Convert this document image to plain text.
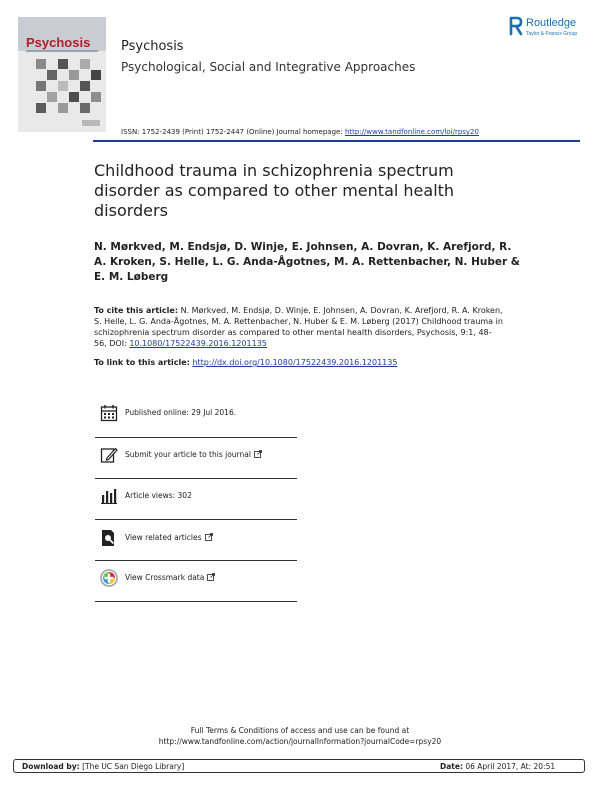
Psychosis Psychosis
Psychological, Social and Integrative Approaches
Routledge
Taylor & Francis Group
ISSN: 1752-2439 (Print) 1752-2447 (Online) Journal homepage: http://www.tandfonline.com/loi/rpsy20
Childhood trauma in schizophrenia spectrum disorder as compared to other mental health disorders
N. Mørkved, M. Endsjø, D. Winje, E. Johnsen, A. Dovran, K. Arefjord, R. A. Kroken, S. Helle, L. G. Anda-Ågotnes, M. A. Rettenbacher, N. Huber & E. M. Løberg
To cite this article: N. Mørkved, M. Endsjø, D. Winje, E. Johnsen, A. Dovran, K. Arefjord, R. A. Kroken, S. Helle, L. G. Anda-Ågotnes, M. A. Rettenbacher, N. Huber & E. M. Løberg (2017) Childhood trauma in schizophrenia spectrum disorder as compared to other mental health disorders, Psychosis, 9:1, 48-56, DOI: 10.1080/17522439.2016.1201135
To link to this article: http://dx.doi.org/10.1080/17522439.2016.1201135
Published online: 29 Jul 2016.
Submit your article to this journal
Article views: 302
View related articles
View Crossmark data
Full Terms & Conditions of access and use can be found at
http://www.tandfonline.com/action/journalInformation?journalCode=rpsy20
Download by: [The UC San Diego Library]	Date: 06 April 2017, At: 20:51
